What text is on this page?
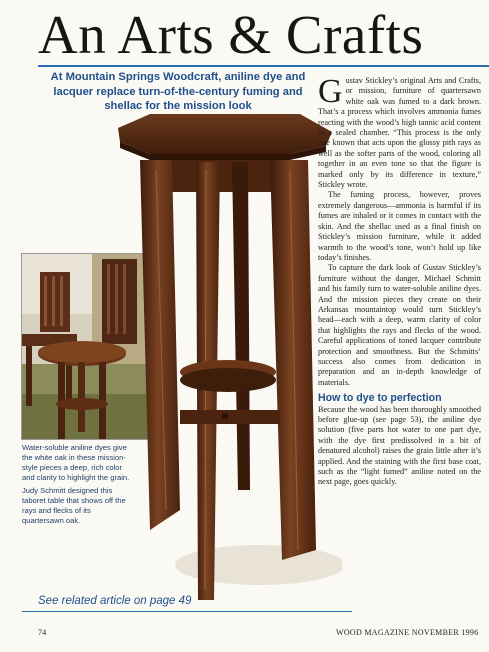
An Arts & Crafts
At Mountain Springs Woodcraft, aniline dye and lacquer replace turn-of-the-century fuming and shellac for the mission look
Water-soluble aniline dyes give the white oak in these mission-style pieces a deep, rich color and clarity to highlight the grain.
Judy Schmitt designed this taboret table that shows off the rays and flecks of its quartersawn oak.

Gustav Stickley’s original Arts and Crafts, or mission, furniture of quartersawn white oak was fumed to a dark brown. That’s a process which involves ammonia fumes reacting with the wood’s high tannic acid content in a sealed chamber. “This process is the only one known that acts upon the glossy pith rays as well as the softer parts of the wood, coloring all together in an even tone so that the figure is marked only by its difference in texture,” Stickley wrote.

The fuming process, however, proves extremely dangerous—ammonia is harmful if its fumes are inhaled or it comes in contact with the skin. And the shellac used as a final finish on Stickley’s mission furniture, while it added warmth to the wood’s tone, won’t hold up like today’s finishes.

To capture the dark look of Gustav Stickley’s furniture without the danger, Michael Schmitt and his family turn to water-soluble aniline dyes. And the mission pieces they create on their Arkansas mountaintop would turn Stickley’s head—each with a deep, warm clarity of color that highlights the rays and flecks of the wood. Careful applications of toned lacquer contribute protection and smoothness. But the Schmitts’ success also comes from dedication in preparation and an in-depth knowledge of materials.

How to dye to perfection

Because the wood has been thoroughly smoothed before glue-up (see page 53), the aniline dye solution (five parts hot water to one part dye, with the dye first predissolved in a bit of denatured alcohol) raises the grain little after it’s applied. And the staining with the first base coat, such as the “light fumed” aniline noted on the next page, goes quickly.

See related article on page 49
74	WOOD MAGAZINE NOVEMBER 1996
